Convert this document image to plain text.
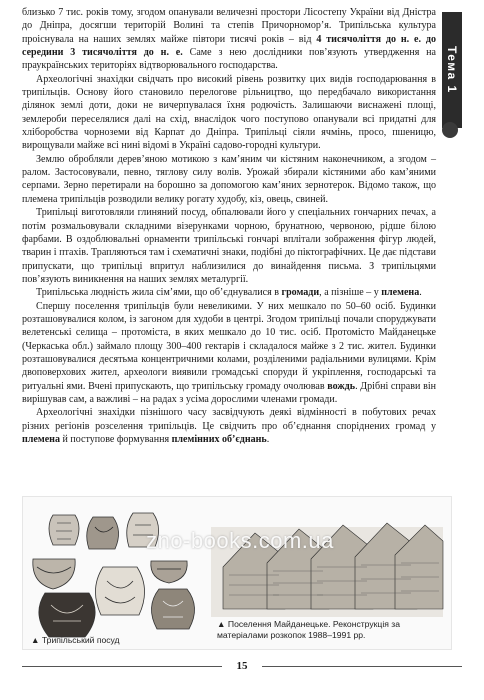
Тема 1

близько 7 тис. років тому, згодом опанували величезні простори Лісостепу України від Дністра до Дніпра, досягши територій Волині та степів Причорномор’я. Трипільська культура проіснувала на наших землях майже півтори тисячі років – від 4 тисячоліття до н. е. до середини 3 тисячоліття до н. е. Саме з нею дослідники пов’язують утвердження на праукраїнських територіях відтворювального господарства.

Археологічні знахідки свідчать про високий рівень розвитку цих видів господарювання в трипільців. Основу його становило перелогове рільництво, що передбачало використання ділянок землі доти, доки не вичерпувалася їхня родючість. Залишаючи виснажені площі, землероби переселялися далі на схід, внаслідок чого поступово опанували всі придатні для хліборобства чорноземи від Карпат до Дніпра. Трипільці сіяли ячмінь, просо, пшеницю, вирощували майже всі нині відомі в Україні садово-городні культури.

Землю обробляли дерев’яною мотикою з кам’яним чи кістяним наконечником, а згодом – ралом. Застосовували, певно, тяглову силу волів. Урожай збирали кістяними або кам’яними серпами. Зерно перетирали на борошно за допомогою кам’яних зернотерок. Відомо також, що племена трипільців розводили велику рогату худобу, кіз, овець, свиней.

Трипільці виготовляли глиняний посуд, обпалювали його у спеціальних гончарних печах, а потім розмальовували складними візерунками чорною, брунатною, червоною, рідше білою фарбами. В оздоблювальні орнаменти трипільські гончарі вплітали зображення фігур людей, тварин і птахів. Трапляються там і схематичні знаки, подібні до піктографічних. Це дає підстави припускати, що трипільці впритул наблизилися до винайдення письма. З трипільцями пов’язують виникнення на наших землях металургії.

Трипільська людність жила сім’ями, що об’єднувалися в громади, а пізніше – у племена.

Спершу поселення трипільців були невеликими. У них мешкало по 50–60 осіб. Будинки розташовувалися колом, із загоном для худоби в центрі. Згодом трипільці почали споруджувати велетенські селища – протоміста, в яких мешкало до 10 тис. осіб. Протомісто Майданецьке (Черкаська обл.) займало площу 300–400 гектарів і складалося майже з 2 тис. жител. Будинки розташовувалися десятьма концентричними колами, розділеними радіальними вулицями. Крім двоповерхових жител, археологи виявили громадські споруди й укріплення, господарські та ритуальні ями. Вчені припускають, що трипільську громаду очолював вождь. Дрібні справи він вирішував сам, а важливі – на радах з усіма дорослими членами громади.

Археологічні знахідки пізнішого часу засвідчують деякі відмінності в побутових речах різних регіонів розселення трипільців. Це свідчить про об’єднання споріднених громад у племена й поступове формування племінних об’єднань.

▲ Трипільський посуд
▲ Поселення Майданецьке. Реконструкція за матеріалами розкопок 1988–1991 рр.
zno-books.com.ua
15
